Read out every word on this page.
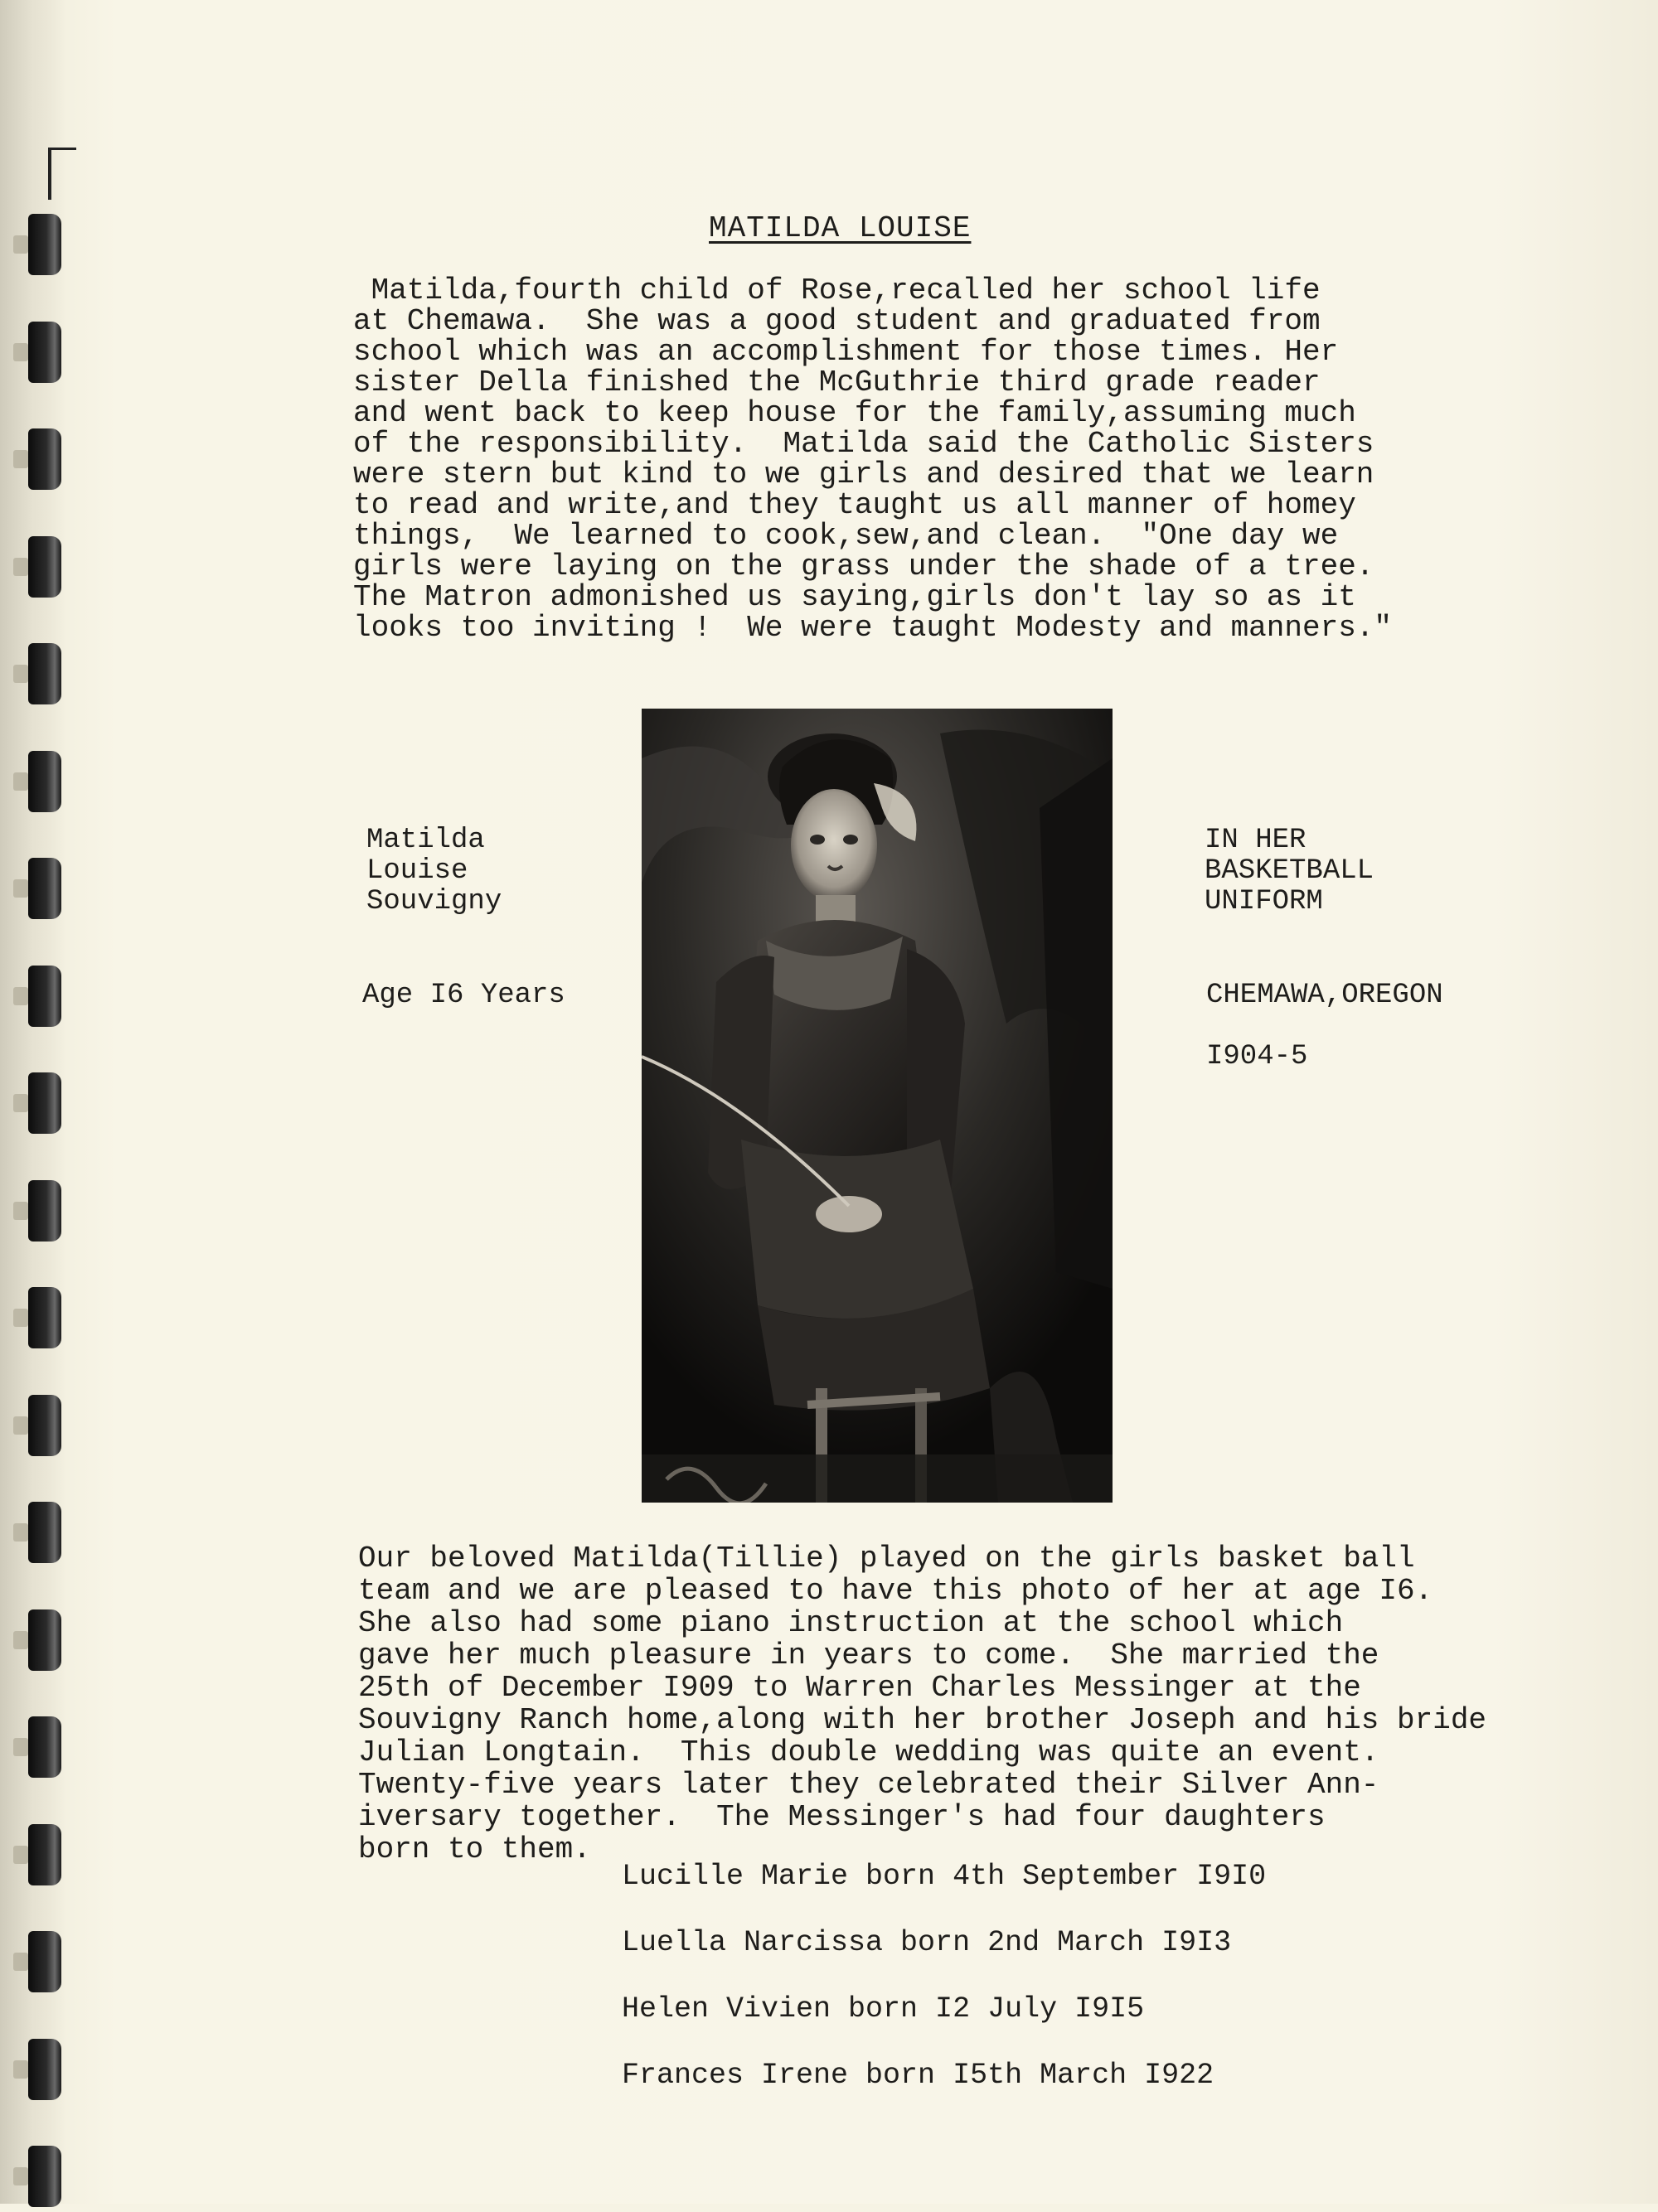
MATILDA LOUISE

Matilda,fourth child of Rose,recalled her school life
at Chemawa.  She was a good student and graduated from
school which was an accomplishment for those times. Her
sister Della finished the McGuthrie third grade reader
and went back to keep house for the family,assuming much
of the responsibility.  Matilda said the Catholic Sisters
were stern but kind to we girls and desired that we learn
to read and write,and they taught us all manner of homey
things,  We learned to cook,sew,and clean.  "One day we
girls were laying on the grass under the shade of a tree.
The Matron admonished us saying,girls don't lay so as it
looks too inviting !  We were taught Modesty and manners."

Matilda
Louise
Souvigny
Age I6 Years
IN HER
BASKETBALL
UNIFORM
CHEMAWA,OREGON
I904-5

Our beloved Matilda(Tillie) played on the girls basket ball
team and we are pleased to have this photo of her at age I6.
She also had some piano instruction at the school which
gave her much pleasure in years to come.  She married the
25th of December I909 to Warren Charles Messinger at the
Souvigny Ranch home,along with her brother Joseph and his bride
Julian Longtain.  This double wedding was quite an event.
Twenty-five years later they celebrated their Silver Ann-
iversary together.  The Messinger's had four daughters
born to them.

Lucille Marie born 4th September I9I0
Luella Narcissa born 2nd March I9I3
Helen Vivien born I2 July I9I5
Frances Irene born I5th March I922
